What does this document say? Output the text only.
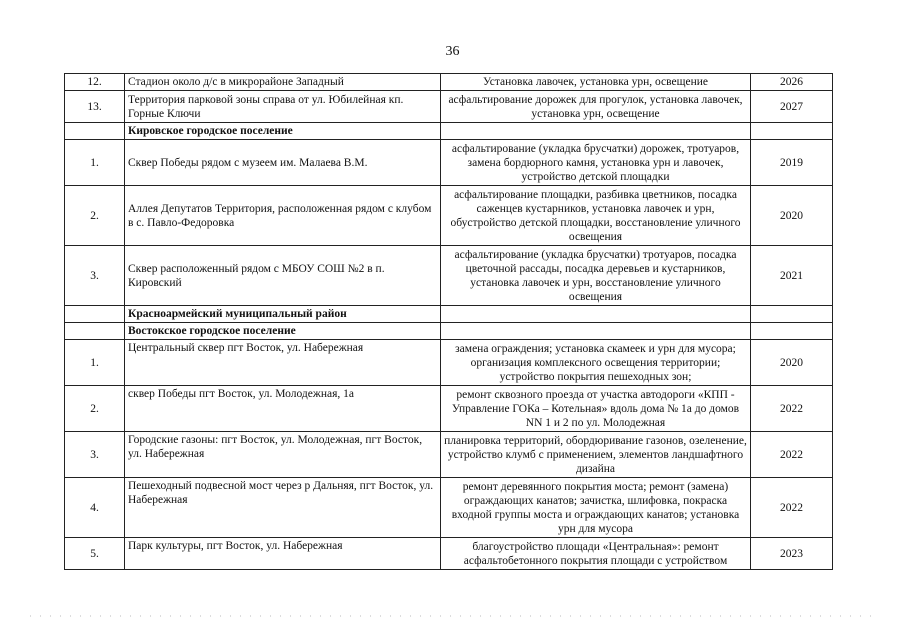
36
12.	Стадион около д/с в микрорайоне Западный	Установка лавочек, установка урн, освещение	2026
13.	Территория парковой зоны справа от ул. Юбилейная кп. Горные Ключи	асфальтирование дорожек для прогулок, установка лавочек, установка урн, освещение	2027
	Кировское городское поселение	

1.	Сквер Победы рядом с музеем им. Малаева В.М.	асфальтирование (укладка брусчатки) дорожек, тротуаров, замена бордюрного камня, установка урн и лавочек, устройство детской площадки	2019
2.	Аллея Депутатов Территория, расположенная рядом с клубом в с. Павло-Федоровка	асфальтирование площадки, разбивка цветников, посадка саженцев кустарников, установка лавочек и урн, обустройство детской площадки, восстановление уличного освещения	2020
3.	Сквер расположенный рядом с МБОУ СОШ №2 в п. Кировский	асфальтирование (укладка брусчатки) тротуаров, посадка цветочной рассады, посадка деревьев и кустарников, установка лавочек и урн, восстановление уличного освещения	2021
	Красноармейский муниципальный район	

	Востокское городское поселение		
1.	Центральный сквер пгт Восток, ул. Набережная	замена ограждения; установка скамеек и урн для мусора; организация комплексного освещения территории; устройство покрытия пешеходных зон;	2020
2.	сквер Победы пгт Восток, ул. Молодежная, 1а	ремонт сквозного проезда от участка автодороги «КПП - Управление ГОКа – Котельная» вдоль дома № 1а до домов NN 1 и 2 по ул. Молодежная	2022
3.	Городские газоны: пгт Восток, ул. Молодежная, пгт Восток, ул. Набережная	планировка территорий, обордюривание газонов, озеленение, устройство клумб с применением, элементов ландшафтного дизайна	2022
4.	Пешеходный подвесной мост через р Дальняя, пгт Восток, ул. Набережная	ремонт деревянного покрытия моста; ремонт (замена) ограждающих канатов; зачистка, шлифовка, покраска входной группы моста и ограждающих канатов; установка урн для мусора	2022
5.	Парк культуры, пгт Восток, ул. Набережная	благоустройство площади «Центральная»: ремонт асфальтобетонного покрытия площади с устройством	2023
